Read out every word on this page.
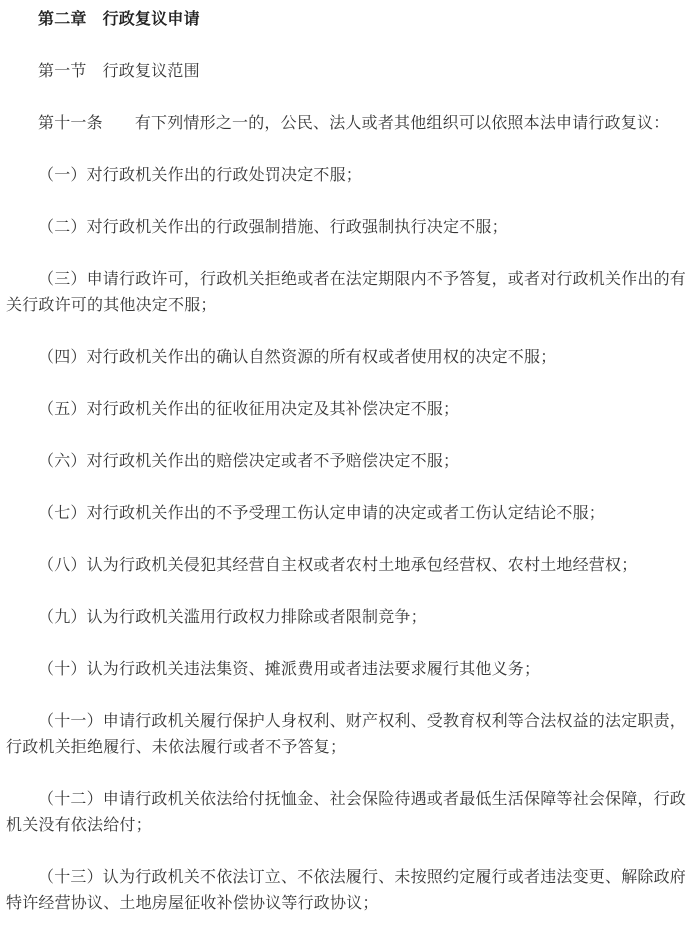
第二章 行政复议申请

第一节 行政复议范围

第十一条 有下列情形之一的，公民、法人或者其他组织可以依照本法申请行政复议：

（一）对行政机关作出的行政处罚决定不服；

（二）对行政机关作出的行政强制措施、行政强制执行决定不服；

（三）申请行政许可，行政机关拒绝或者在法定期限内不予答复，或者对行政机关作出的有关行政许可的其他决定不服；

（四）对行政机关作出的确认自然资源的所有权或者使用权的决定不服；

（五）对行政机关作出的征收征用决定及其补偿决定不服；

（六）对行政机关作出的赔偿决定或者不予赔偿决定不服；

（七）对行政机关作出的不予受理工伤认定申请的决定或者工伤认定结论不服；

（八）认为行政机关侵犯其经营自主权或者农村土地承包经营权、农村土地经营权；

（九）认为行政机关滥用行政权力排除或者限制竞争；

（十）认为行政机关违法集资、摊派费用或者违法要求履行其他义务；

（十一）申请行政机关履行保护人身权利、财产权利、受教育权利等合法权益的法定职责，行政机关拒绝履行、未依法履行或者不予答复；

（十二）申请行政机关依法给付抚恤金、社会保险待遇或者最低生活保障等社会保障，行政机关没有依法给付；

（十三）认为行政机关不依法订立、不依法履行、未按照约定履行或者违法变更、解除政府特许经营协议、土地房屋征收补偿协议等行政协议；
